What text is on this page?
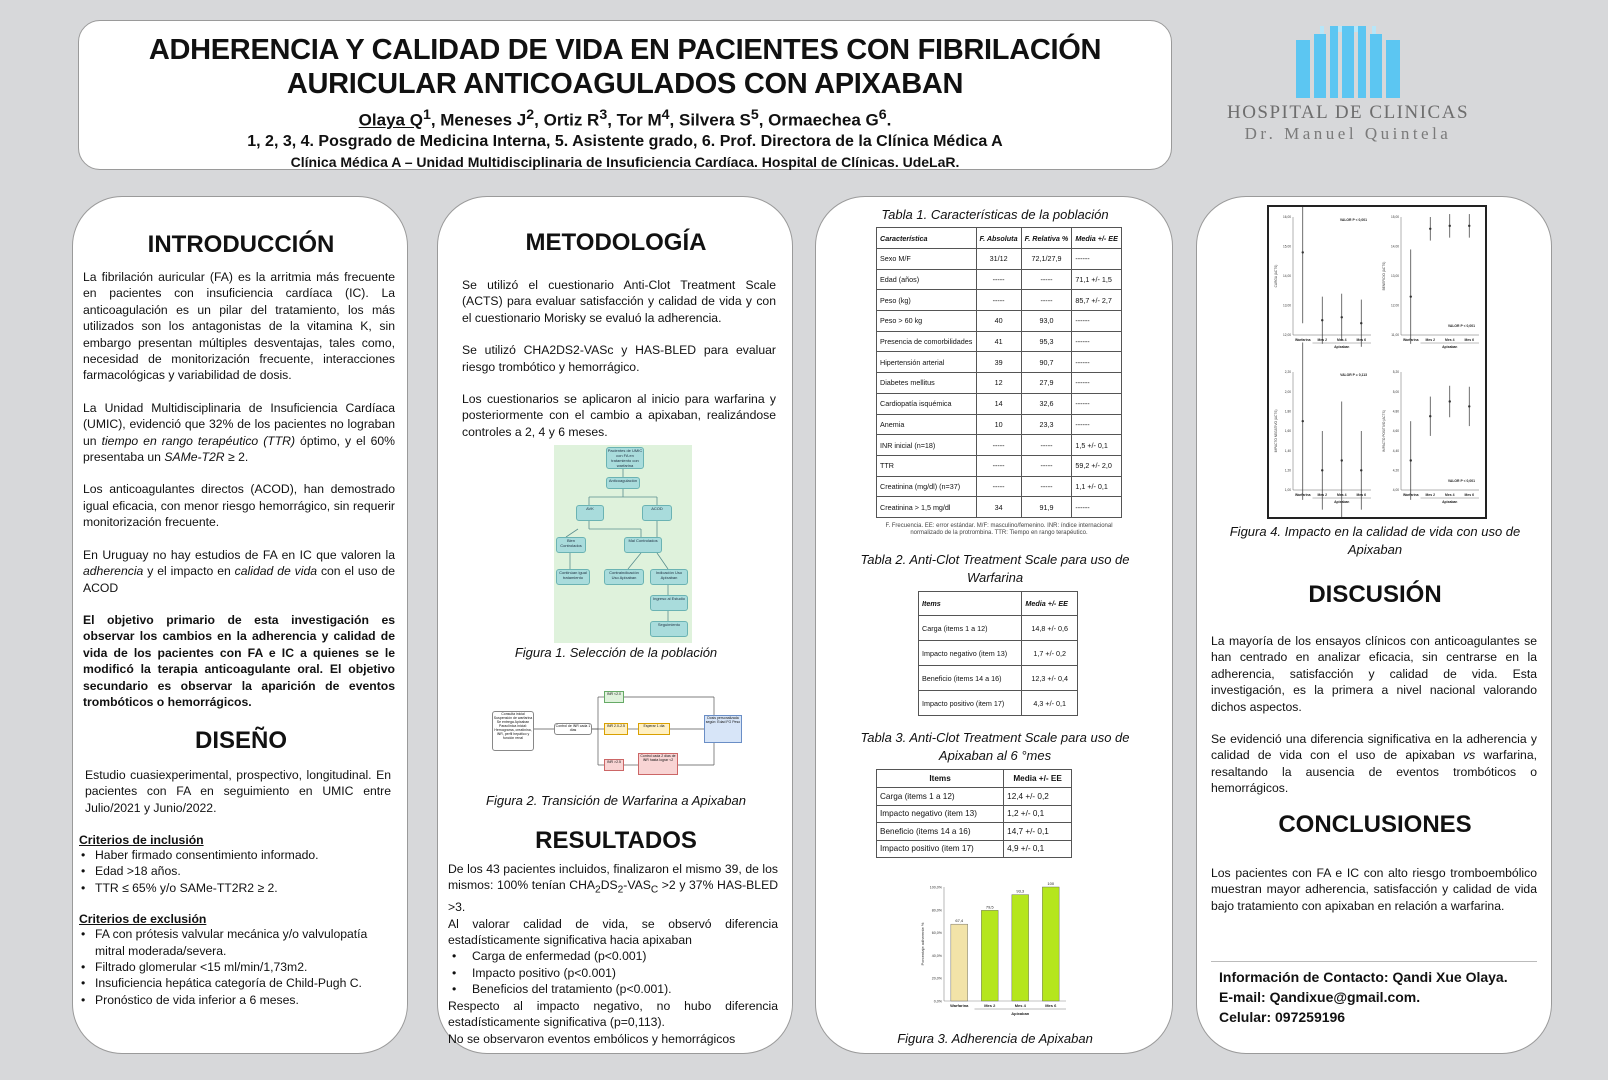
ADHERENCIA Y CALIDAD DE VIDA EN PACIENTES CON FIBRILACIÓN
AURICULAR ANTICOAGULADOS CON APIXABAN
Olaya $Q^1$, Meneses $J^2$, Ortiz $R^3$, Tor $M^4$, Silvera $S^5$, Ormaechea $G^6$.
1, 2, 3, 4. Posgrado de Medicina Interna, 5. Asistente grado, 6. Prof. Directora de la Clínica Médica A
Clínica Médica A – Unidad Multidisciplinaria de Insuficiencia Cardíaca. Hospital de Clínicas. UdeLaR.
HOSPITAL DE CLINICAS
Dr. Manuel Quintela
INTRODUCCIÓN

La fibrilación auricular (FA) es la arritmia más frecuente en pacientes con insuficiencia cardíaca (IC). La anticoagulación es un pilar del tratamiento, los más utilizados son los antagonistas de la vitamina K, sin embargo presentan múltiples desventajas, tales como, necesidad de monitorización frecuente, interacciones farmacológicas y variabilidad de dosis.

La Unidad Multidisciplinaria de Insuficiencia Cardíaca (UMIC), evidenció que 32% de los pacientes no lograban un tiempo en rango terapéutico (TTR) óptimo, y el 60% presentaba un SAMe-T2R ≥ 2.

Los anticoagulantes directos (ACOD), han demostrado igual eficacia, con menor riesgo hemorrágico, sin requerir monitorización frecuente.

En Uruguay no hay estudios de FA en IC que valoren la adherencia y el impacto en calidad de vida con el uso de ACOD

El objetivo primario de esta investigación es observar los cambios en la adherencia y calidad de vida de los pacientes con FA e IC a quienes se le modificó la terapia anticoagulante oral. El objetivo secundario es observar la aparición de eventos trombóticos o hemorrágicos.

DISEÑO

Estudio cuasiexperimental, prospectivo, longitudinal. En pacientes con FA en seguimiento en UMIC entre Julio/2021 y Junio/2022.

Criterios de inclusión
• Haber firmado consentimiento informado.
• Edad >18 años.
• TTR ≤ 65% y/o SAMe-TT2R2 ≥ 2.
Criterios de exclusión
• FA con prótesis valvular mecánica y/o valvulopatía mitral moderada/severa.
• Filtrado glomerular <15 ml/min/1,73m2.
• Insuficiencia hepática categoría de Child-Pugh C.
• Pronóstico de vida inferior a 6 meses.
METODOLOGÍA

Se utilizó el cuestionario Anti-Clot Treatment Scale (ACTS) para evaluar satisfacción y calidad de vida y con el cuestionario Morisky se evaluó la adherencia.

Se utilizó CHA2DS2-VASc y HAS-BLED para evaluar riesgo trombótico y hemorrágico.

Los cuestionarios se aplicaron al inicio para warfarina y posteriormente con el cambio a apixaban, realizándose controles a 2, 4 y 6 meses.

Pacientes de UMIC con FA en tratamiento con warfarina
Anticoagulación
AVK	ACOD
Mal Controlados
Bien Controlados
Continúan igual tratamiento
Contraindicación Uso Apixaban
Indicación Uso Apixaban
Ingreso al Estudio
Seguimiento
Figura 1. Selección de la población
Consulta inicial Suspensión de warfarina Se entrega Apixaban Paraclínica inicial: Hemograma, creatinina, INR, perfil hepático y función renal
Control de INR cada 1 días
INR <2.0
INR 2.0-2.5	Esperar 1 día
INR >2.5
Control cada 2 días de INR hasta lograr <2
Dosis personalizada según: Edad FG Peso
Figura 2. Transición de Warfarina a Apixaban
RESULTADOS

De los 43 pacientes incluidos, finalizaron el mismo 39, de los mismos: 100% tenían $CHA_2DS_2-VAS_C >2$ y 37% HAS-BLED >3.

Al valorar calidad de vida, se observó diferencia estadísticamente significativa hacia apixaban

• Carga de enfermedad (p<0.001)
• Impacto positivo (p<0.001)
• Beneficios del tratamiento (p<0.001).

Respecto al impacto negativo, no hubo diferencia estadísticamente significativa (p=0,113).

No se observaron eventos embólicos y hemorrágicos

Tabla 1. Características de la población
Característica	F. Absoluta	F. Relativa %	Media +/- EE
Sexo M/F	31/12	72,1/27,9	------
Edad (años)	-----	-----	71,1 +/- 1,5
Peso (kg)	-----	-----	85,7 +/- 2,7
Peso > 60 kg	40	93,0	------
Presencia de comorbilidades	41	95,3	------
Hipertensión arterial	39	90,7	------
Diabetes mellitus	12	27,9	------
Cardiopatía isquémica	14	32,6	------
Anemia	10	23,3	------
INR inicial (n=18)	-----	-----	1,5 +/- 0,1
TTR	-----	-----	59,2 +/- 2,0
Creatinina (mg/dl) (n=37)	-----	-----	1,1 +/- 0,1
Creatinina > 1,5 mg/dl	34	91,9	------
F. Frecuencia. EE: error estándar. M/F: masculino/femenino. INR: índice internacional normalizado de la protrombina. TTR: Tiempo en rango terapéutico.
Tabla 2. Anti-Clot Treatment Scale para uso de Warfarina
Items	Media +/- EE
Carga (items 1 a 12)	14,8 +/- 0,6
Impacto negativo (item 13)	1,7 +/- 0,2
Beneficio (items 14 a 16)	12,3 +/- 0,4
Impacto positivo (item 17)	4,3 +/- 0,1
Tabla 3. Anti-Clot Treatment Scale para uso de Apixaban al 6 °mes
Items	Media +/- EE
Carga (items 1 a 12)	12,4 +/- 0,2
Impacto negativo (item 13)	1,2 +/- 0,1
Beneficio (items 14 a 16)	14,7 +/- 0,1
Impacto positivo (item 17)	4,9 +/- 0,1
0,0%
20,0%
40,0%
60,0%
80,0%
100,0%
Porcentaje adherente %
67,4
Warfarina
79,5
Mes 2
93,3
Mes 4
100
Mes 6
Apixaban
Figura 3. Adherencia de Apixaban
12,00
13,00
14,00
15,00
16,00
CARGA (ACTS)
VALOR P < 0,001
Warfarina Mes 2	Mes 4	Mes 6
Apixaban
11,00
12,00
13,00
14,00
15,00
BENEFICIO (ACTS)
VALOR P < 0,001
Warfarina Mes 2	Mes 4	Mes 6
Apixaban
1,00
1,20
1,40
1,60
1,80
2,00
2,20
IMPACTO NEGATIVO (ACTS)
VALOR P = 0,113
Warfarina Mes 2	Mes 4	Mes 6
Apixaban
4,00
4,20
4,40
4,60
4,80
5,00
5,20
IMPACTO POSITIVO (ACTS)
VALOR P < 0,001
Warfarina Mes 2	Mes 4	Mes 6
Apixaban
Figura 4. Impacto en la calidad de vida con uso de Apixaban
DISCUSIÓN

La mayoría de los ensayos clínicos con anticoagulantes se han centrado en analizar eficacia, sin centrarse en la adherencia, satisfacción y calidad de vida. Esta investigación, es la primera a nivel nacional valorando dichos aspectos.

Se evidenció una diferencia significativa en la adherencia y calidad de vida con el uso de apixaban vs warfarina, resaltando la ausencia de eventos trombóticos o hemorrágicos.

CONCLUSIONES

Los pacientes con FA e IC con alto riesgo tromboembólico muestran mayor adherencia, satisfacción y calidad de vida bajo tratamiento con apixaban en relación a warfarina.

Información de Contacto: Qandi Xue Olaya.
E-mail: Qandixue@gmail.com.
Celular: 097259196
